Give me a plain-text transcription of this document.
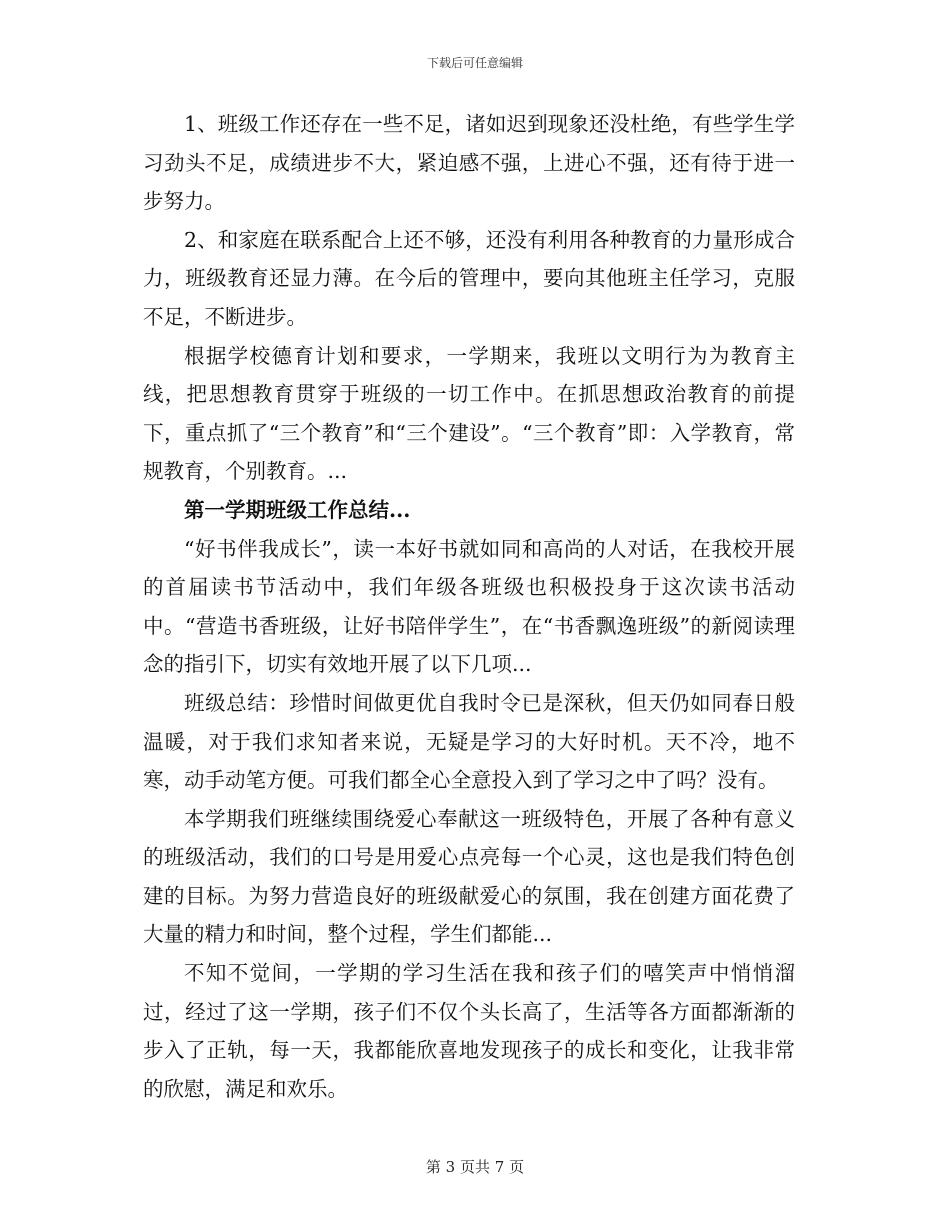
下载后可任意编辑

1、班级工作还存在一些不足，诸如迟到现象还没杜绝，有些学生学习劲头不足，成绩进步不大，紧迫感不强，上进心不强，还有待于进一步努力。

2、和家庭在联系配合上还不够，还没有利用各种教育的力量形成合力，班级教育还显力薄。在今后的管理中，要向其他班主任学习，克服不足，不断进步。

根据学校德育计划和要求，一学期来，我班以文明行为为教育主线，把思想教育贯穿于班级的一切工作中。在抓思想政治教育的前提下，重点抓了“三个教育”和“三个建设”。“三个教育”即：入学教育，常规教育，个别教育。...

第一学期班级工作总结...

“好书伴我成长”，读一本好书就如同和高尚的人对话，在我校开展的首届读书节活动中，我们年级各班级也积极投身于这次读书活动中。“营造书香班级，让好书陪伴学生”，在“书香飘逸班级”的新阅读理念的指引下，切实有效地开展了以下几项...

班级总结：珍惜时间做更优自我时令已是深秋，但天仍如同春日般温暖，对于我们求知者来说，无疑是学习的大好时机。天不冷，地不寒，动手动笔方便。可我们都全心全意投入到了学习之中了吗？没有。

本学期我们班继续围绕爱心奉献这一班级特色，开展了各种有意义的班级活动，我们的口号是用爱心点亮每一个心灵，这也是我们特色创建的目标。为努力营造良好的班级献爱心的氛围，我在创建方面花费了大量的精力和时间，整个过程，学生们都能...

不知不觉间，一学期的学习生活在我和孩子们的嘻笑声中悄悄溜过，经过了这一学期，孩子们不仅个头长高了，生活等各方面都渐渐的步入了正轨，每一天，我都能欣喜地发现孩子的成长和变化，让我非常的欣慰，满足和欢乐。

第 3 页共 7 页
